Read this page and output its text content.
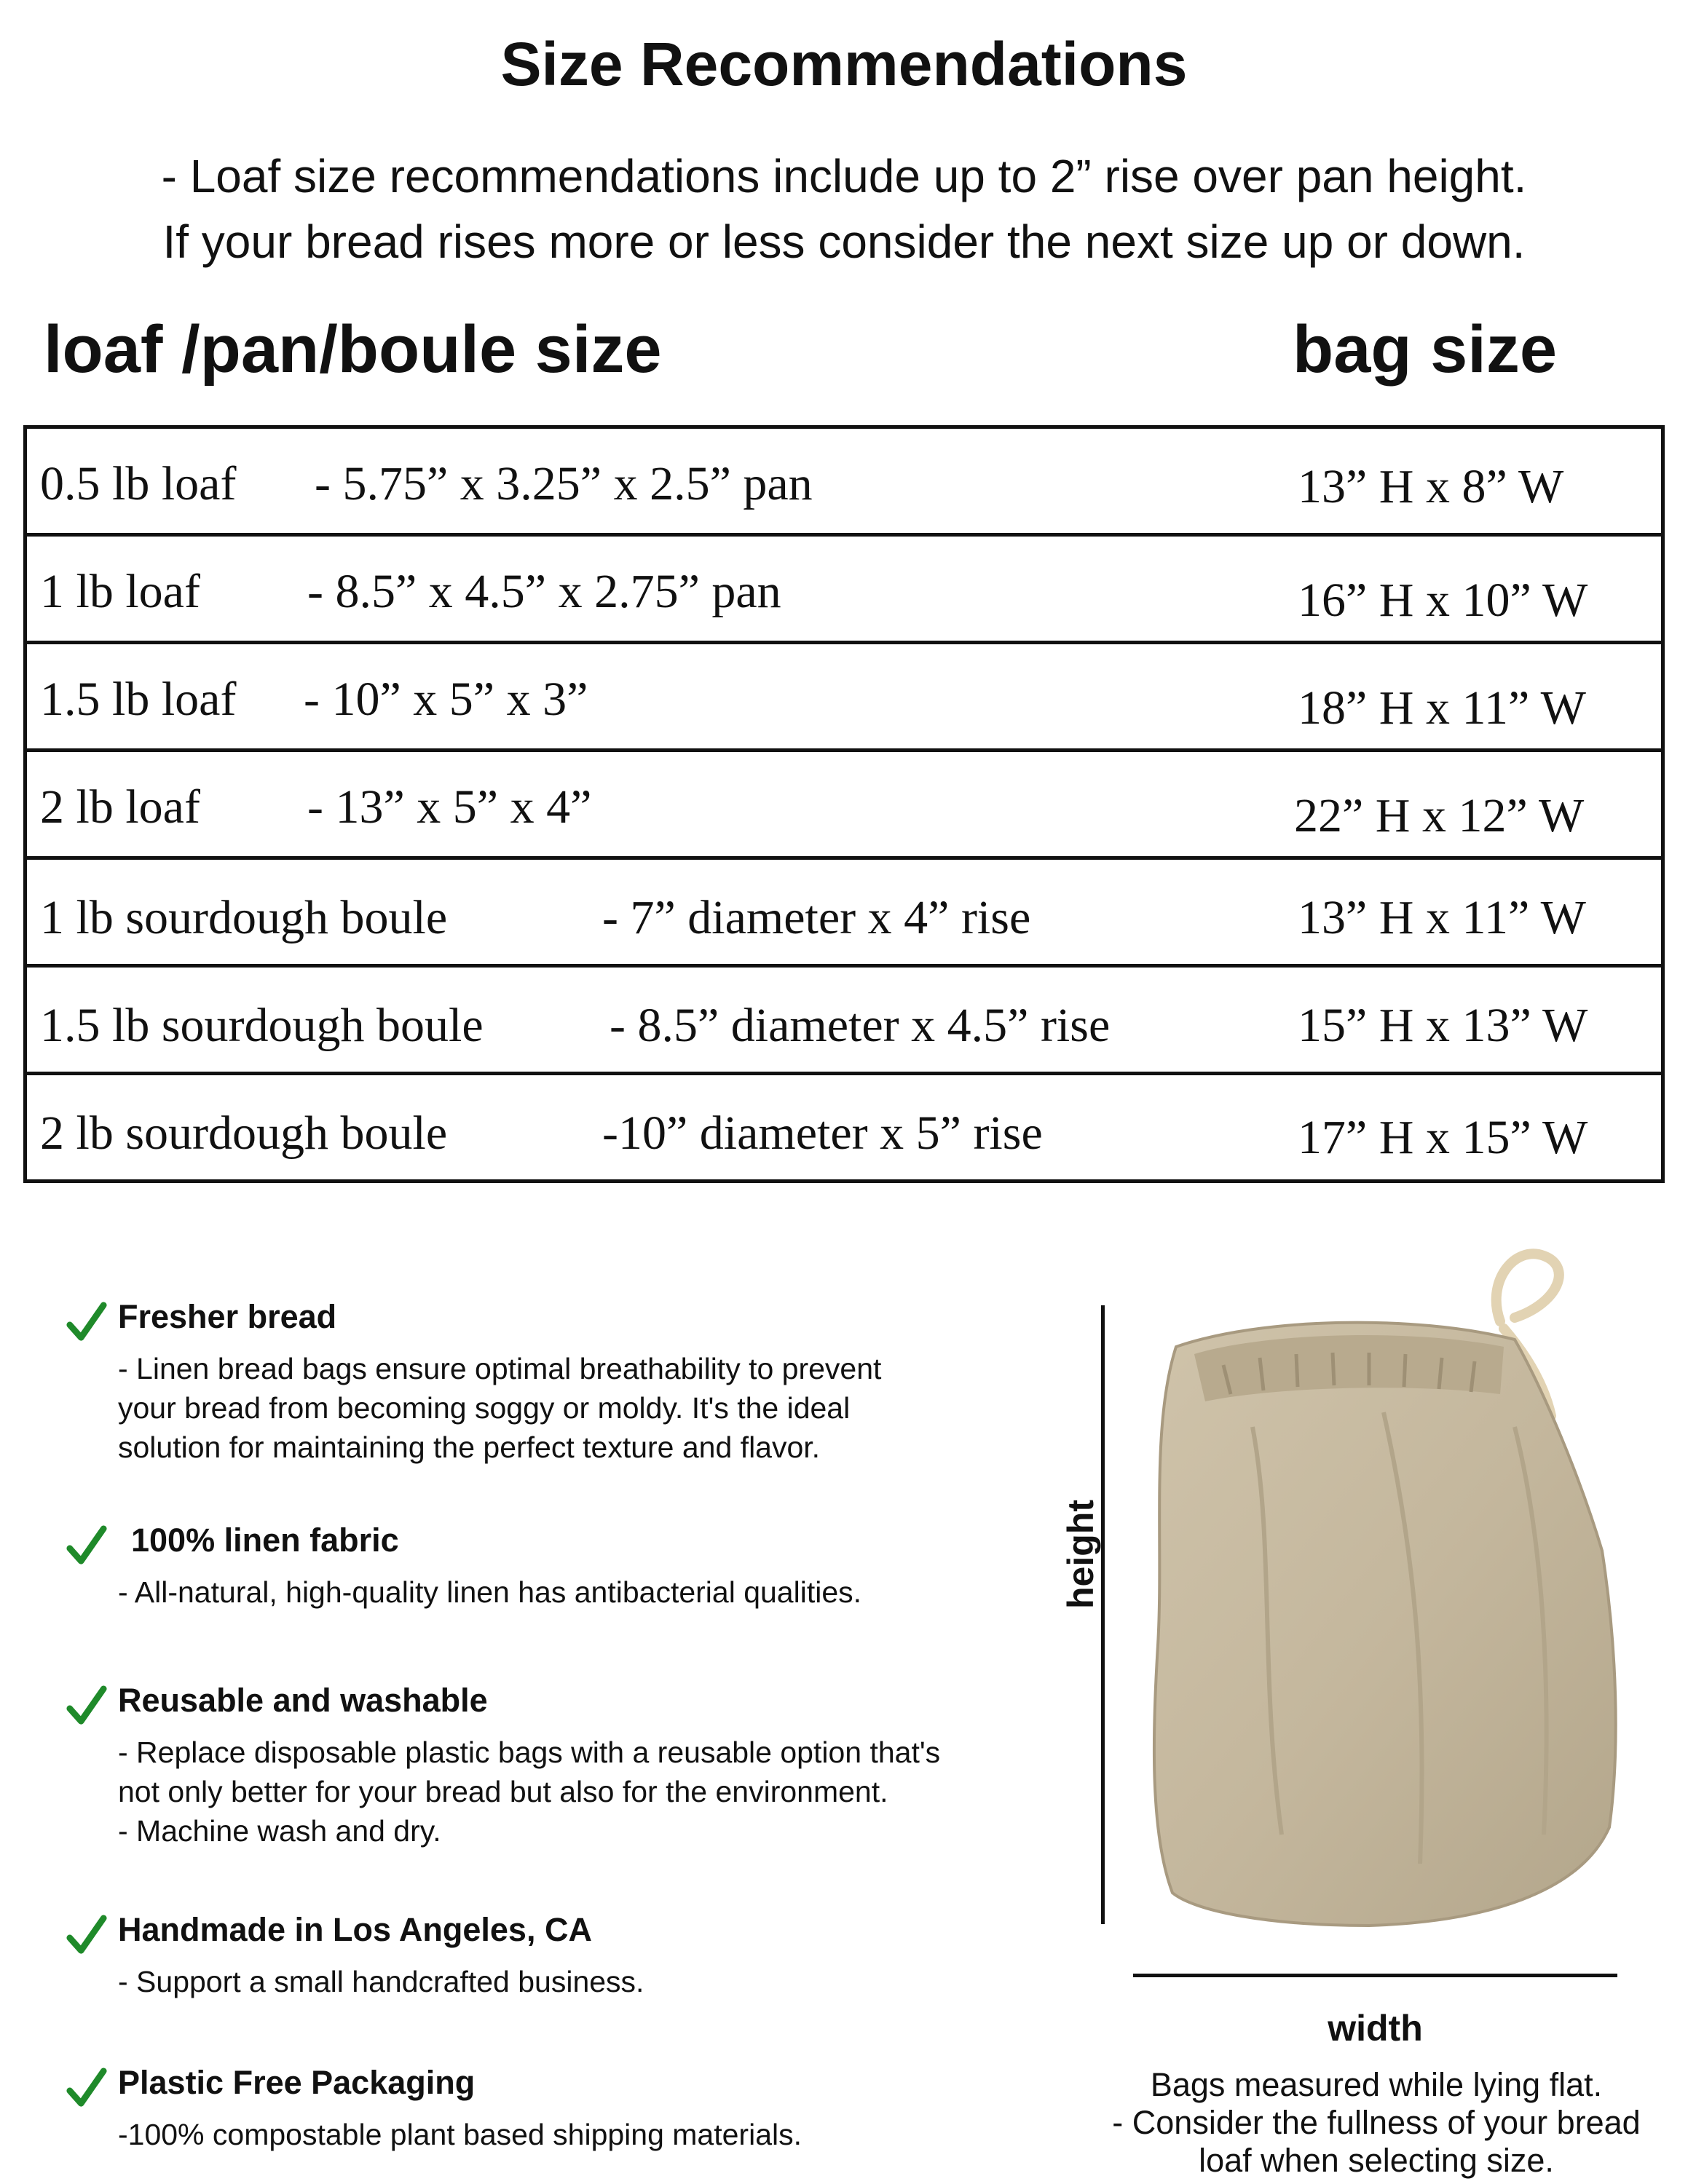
Size Recommendations
- Loaf size recommendations include up to 2” rise over pan height.
If your bread rises more or less consider the next size up or down.
loaf /pan/boule size	bag size
0.5 lb loaf - 5.75” x 3.25” x 2.5” pan	13” H x 8” W
1 lb loaf - 8.5” x 4.5” x 2.75” pan	16” H x 10” W
1.5 lb loaf - 10” x 5” x 3”	18” H x 11” W
2 lb loaf - 13” x 5” x 4”	22” H x 12” W
1 lb sourdough boule	- 7” diameter x 4” rise	13” H x 11” W
1.5 lb sourdough boule	- 8.5” diameter x 4.5” rise	15” H x 13” W
2 lb sourdough boule	-10” diameter x 5” rise	17” H x 15” W
Fresher bread
- Linen bread bags ensure optimal breathability to prevent
your bread from becoming soggy or moldy. It's the ideal
solution for maintaining the perfect texture and flavor.
100% linen fabric
- All-natural, high-quality linen has antibacterial qualities.
Reusable and washable
- Replace disposable plastic bags with a reusable option that's
not only better for your bread but also for the environment.
- Machine wash and dry.
Handmade in Los Angeles, CA
- Support a small handcrafted business.
Plastic Free Packaging
-100% compostable plant based shipping materials.
height
width
Bags measured while lying flat.
- Consider the fullness of your bread
loaf when selecting size.
